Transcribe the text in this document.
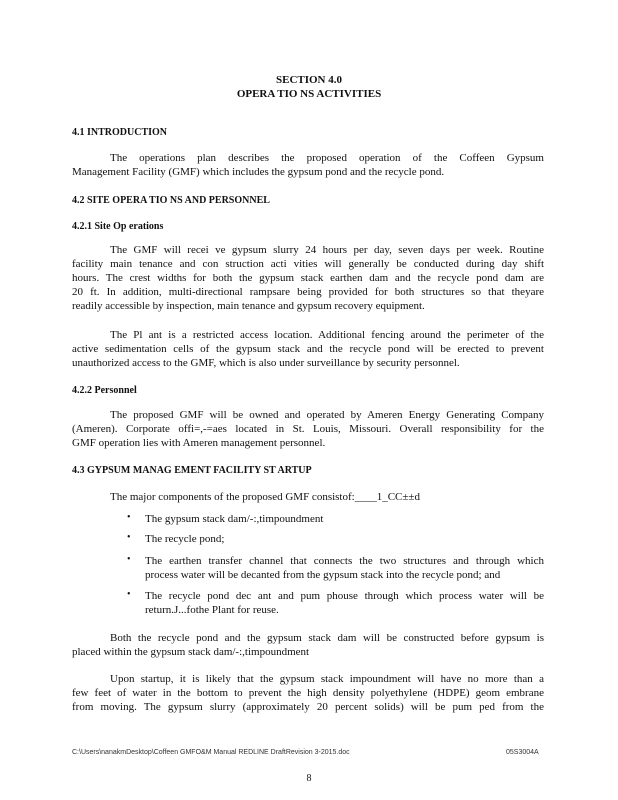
SECTION 4.0
OPERA TIO NS ACTIVITIES
4.1 INTRODUCTION
The operations plan describes the proposed operation of the Coffeen Gypsum
Management Facility (GMF) which includes the gypsum pond and the recycle pond.
4.2 SITE OPERA TIO NS AND PERSONNEL
4.2.1 Site Op erations
The GMF will recei ve gypsum slurry 24 hours per day, seven days per week. Routine
facility main tenance and con struction acti vities will generally be conducted during day shift
hours. The crest widths for both the gypsum stack earthen dam and the recycle pond dam are
20 ft. In addition, multi-directional rampsare being provided for both structures so that theyare
readily accessible by inspection, main tenance and gypsum recovery equipment.
The Pl ant is a restricted access location. Additional fencing around the perimeter of the
active sedimentation cells of the gypsum stack and the recycle pond will be erected to prevent
unauthorized access to the GMF, which is also under surveillance by security personnel.
4.2.2 Personnel
The proposed GMF will be owned and operated by Ameren Energy Generating Company
(Ameren). Corporate offi=,-=aes located in St. Louis, Missouri. Overall responsibility for the
GMF operation lies with Ameren management personnel.
4.3 GYPSUM MANAG EMENT FACILITY ST ARTUP
The major components of the proposed GMF consistof:____1_CC±±d
• The gypsum stack dam/-:,timpoundment
• The recycle pond;
• The earthen transfer channel that connects the two structures and through which
process water will be decanted from the gypsum stack into the recycle pond; and
• The recycle pond dec ant and pum phouse through which process water will be
return.J...fothe Plant for reuse.
Both the recycle pond and the gypsum stack dam will be constructed before gypsum is
placed within the gypsum stack dam/-:,timpoundment
Upon startup, it is likely that the gypsum stack impoundment will have no more than a
few feet of water in the bottom to prevent the high density polyethylene (HDPE) geom embrane
from moving. The gypsum slurry (approximately 20 percent solids) will be pum ped from the
C:\Users\nanakmDesktop\Coffeen GMFO&M Manual REDLINE DraftRevision 3-2015.doc	05S3004A
8
